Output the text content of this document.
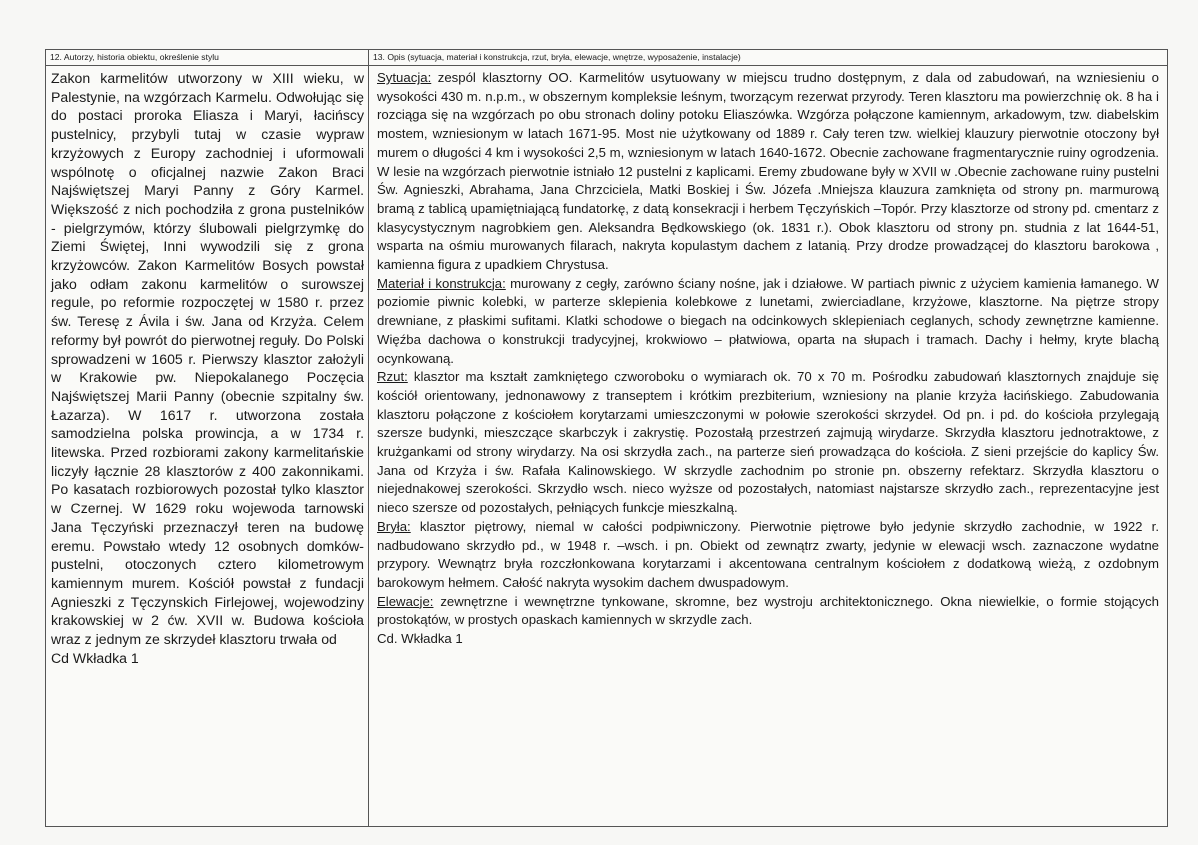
12. Autorzy, historia obiektu, określenie stylu

Zakon karmelitów utworzony w XIII wieku, w Palestynie, na wzgórzach Karmelu. Odwołując się do postaci proroka Eliasza i Maryi, łacińscy pustelnicy, przybyli tutaj w czasie wypraw krzyżowych z Europy zachodniej i uformowali wspólnotę o oficjalnej nazwie Zakon Braci Najświętszej Maryi Panny z Góry Karmel. Większość z nich pochodziła z grona pustelników - pielgrzymów, którzy ślubowali pielgrzymkę do Ziemi Świętej, Inni wywodzili się z grona krzyżowców. Zakon Karmelitów Bosych powstał jako odłam zakonu karmelitów o surowszej regule, po reformie rozpoczętej w 1580 r. przez św. Teresę z Ávila i św. Jana od Krzyża. Celem reformy był powrót do pierwotnej reguły. Do Polski sprowadzeni w 1605 r. Pierwszy klasztor założyli w Krakowie pw. Niepokalanego Poczęcia Najświętszej Marii Panny (obecnie szpitalny św. Łazarza). W 1617 r. utworzona została samodzielna polska prowincja, a w 1734 r. litewska. Przed rozbiorami zakony karmelitańskie liczyły łącznie 28 klasztorów z 400 zakonnikami. Po kasatach rozbiorowych pozostał tylko klasztor w Czernej. W 1629 roku wojewoda tarnowski Jana Tęczyński przeznaczył teren na budowę eremu. Powstało wtedy 12 osobnych domków-pustelni, otoczonych cztero kilometrowym kamiennym murem. Kościół powstał z fundacji Agnieszki z Tęczynskich Firlejowej, wojewodziny krakowskiej w 2 ćw. XVII w. Budowa kościoła wraz z jednym ze skrzydeł klasztoru trwała od

Cd Wkładka 1
13. Opis (sytuacja, materiał i konstrukcja, rzut, bryła, elewacje, wnętrze, wyposażenie, instalacje)

Sytuacja: zespól klasztorny OO. Karmelitów usytuowany w miejscu trudno dostępnym, z dala od zabudowań, na wzniesieniu o wysokości 430 m. n.p.m., w obszernym kompleksie leśnym, tworzącym rezerwat przyrody. Teren klasztoru ma powierzchnię ok. 8 ha i rozciąga się na wzgórzach po obu stronach doliny potoku Eliaszówka. Wzgórza połączone kamiennym, arkadowym, tzw. diabelskim mostem, wzniesionym w latach 1671-95. Most nie użytkowany od 1889 r. Cały teren tzw. wielkiej klauzury pierwotnie otoczony był murem o długości 4 km i wysokości 2,5 m, wzniesionym w latach 1640-1672. Obecnie zachowane fragmentarycznie ruiny ogrodzenia. W lesie na wzgórzach pierwotnie istniało 12 pustelni z kaplicami. Eremy zbudowane były w XVII w .Obecnie zachowane ruiny pustelni Św. Agnieszki, Abrahama, Jana Chrzciciela, Matki Boskiej i Św. Józefa .Mniejsza klauzura zamknięta od strony pn. marmurową bramą z tablicą upamiętniającą fundatorkę, z datą konsekracji i herbem Tęczyńskich –Topór. Przy klasztorze od strony pd. cmentarz z klasycystycznym nagrobkiem gen. Aleksandra Będkowskiego (ok. 1831 r.). Obok klasztoru od strony pn. studnia z lat 1644-51, wsparta na ośmiu murowanych filarach, nakryta kopulastym dachem z latanią. Przy drodze prowadzącej do klasztoru barokowa , kamienna figura z upadkiem Chrystusa.

Materiał i konstrukcja: murowany z cegły, zarówno ściany nośne, jak i działowe. W partiach piwnic z użyciem kamienia łamanego. W poziomie piwnic kolebki, w parterze sklepienia kolebkowe z lunetami, zwierciadlane, krzyżowe, klasztorne. Na piętrze stropy drewniane, z płaskimi sufitami. Klatki schodowe o biegach na odcinkowych sklepieniach ceglanych, schody zewnętrzne kamienne. Więźba dachowa o konstrukcji tradycyjnej, krokwiowo – płatwiowa, oparta na słupach i tramach. Dachy i hełmy, kryte blachą ocynkowaną.

Rzut: klasztor ma kształt zamkniętego czworoboku o wymiarach ok. 70 x 70 m. Pośrodku zabudowań klasztornych znajduje się kościół orientowany, jednonawowy z transeptem i krótkim prezbiterium, wzniesiony na planie krzyża łacińskiego. Zabudowania klasztoru połączone z kościołem korytarzami umieszczonymi w połowie szerokości skrzydeł. Od pn. i pd. do kościoła przylegają szersze budynki, mieszczące skarbczyk i zakrystię. Pozostałą przestrzeń zajmują wirydarze. Skrzydła klasztoru jednotraktowe, z krużgankami od strony wirydarzy. Na osi skrzydła zach., na parterze sień prowadząca do kościoła. Z sieni przejście do kaplicy Św. Jana od Krzyża i św. Rafała Kalinowskiego. W skrzydle zachodnim po stronie pn. obszerny refektarz. Skrzydła klasztoru o niejednakowej szerokości. Skrzydło wsch. nieco wyższe od pozostałych, natomiast najstarsze skrzydło zach., reprezentacyjne jest nieco szersze od pozostałych, pełniących funkcje mieszkalną.

Bryła: klasztor piętrowy, niemal w całości podpiwniczony. Pierwotnie piętrowe było jedynie skrzydło zachodnie, w 1922 r. nadbudowano skrzydło pd., w 1948 r. –wsch. i pn. Obiekt od zewnątrz zwarty, jedynie w elewacji wsch. zaznaczone wydatne przypory. Wewnątrz bryła rozczłonkowana korytarzami i akcentowana centralnym kościołem z dodatkową wieżą, z ozdobnym barokowym hełmem. Całość nakryta wysokim dachem dwuspadowym.

Elewacje: zewnętrzne i wewnętrzne tynkowane, skromne, bez wystroju architektonicznego. Okna niewielkie, o formie stojących prostokątów, w prostych opaskach kamiennych w skrzydle zach.

Cd. Wkładka 1
